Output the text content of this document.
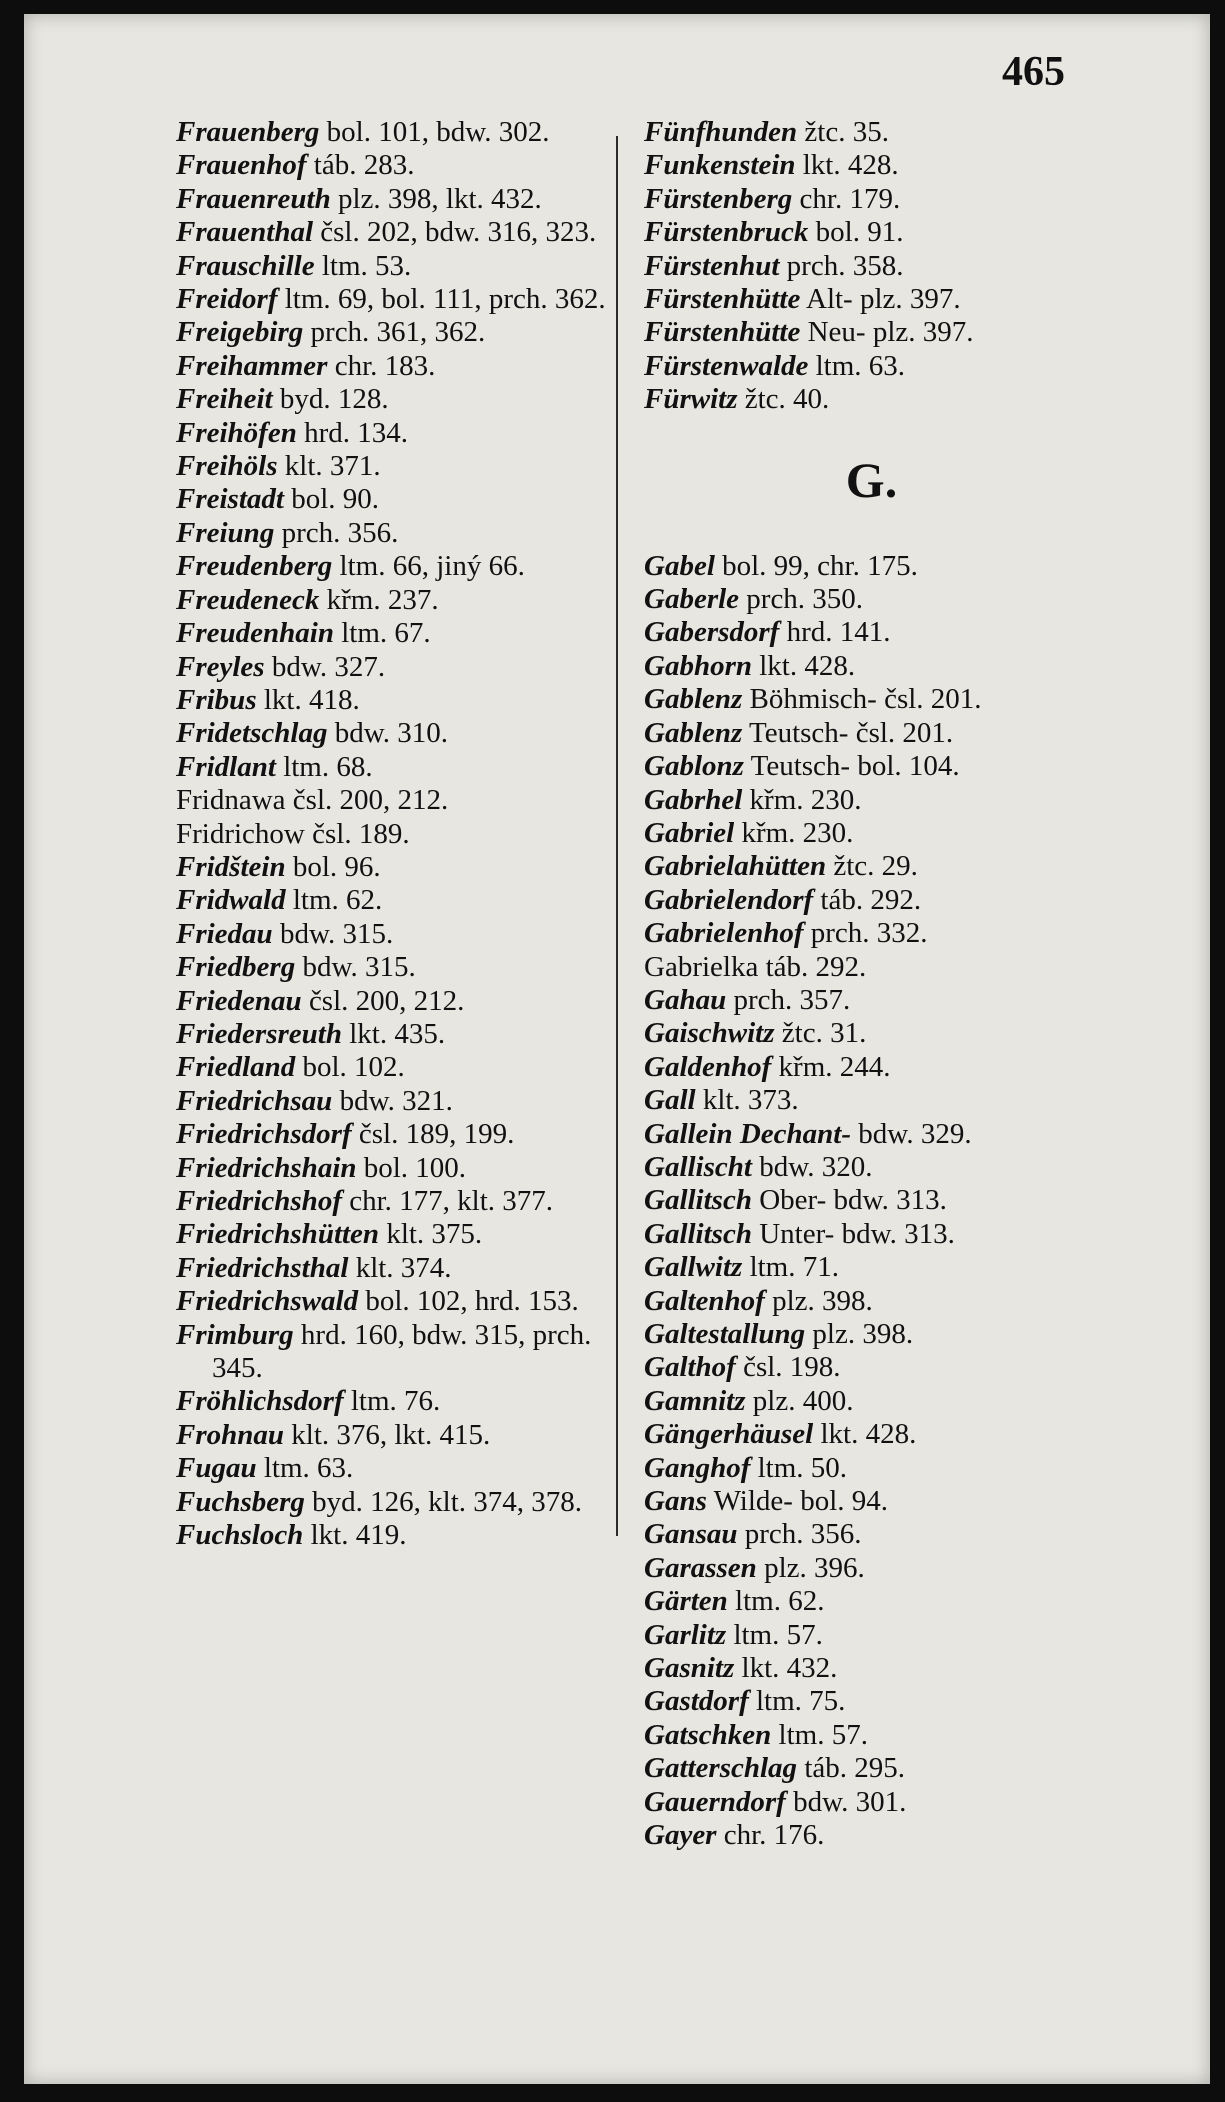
465
Frauenberg bol. 101, bdw. 302.
Frauenhof táb. 283.
Frauenreuth plz. 398, lkt. 432.
Frauenthal čsl. 202, bdw. 316, 323.
Frauschille ltm. 53.
Freidorf ltm. 69, bol. 111, prch. 362.
Freigebirg prch. 361, 362.
Freihammer chr. 183.
Freiheit byd. 128.
Freihöfen hrd. 134.
Freihöls klt. 371.
Freistadt bol. 90.
Freiung prch. 356.
Freudenberg ltm. 66, jiný 66.
Freudeneck křm. 237.
Freudenhain ltm. 67.
Freyles bdw. 327.
Fribus lkt. 418.
Fridetschlag bdw. 310.
Fridlant ltm. 68.
Fridnawa čsl. 200, 212.
Fridrichow čsl. 189.
Fridštein bol. 96.
Fridwald ltm. 62.
Friedau bdw. 315.
Friedberg bdw. 315.
Friedenau čsl. 200, 212.
Friedersreuth lkt. 435.
Friedland bol. 102.
Friedrichsau bdw. 321.
Friedrichsdorf čsl. 189, 199.
Friedrichshain bol. 100.
Friedrichshof chr. 177, klt. 377.
Friedrichshütten klt. 375.
Friedrichsthal klt. 374.
Friedrichswald bol. 102, hrd. 153.
Frimburg hrd. 160, bdw. 315, prch. 345.
Fröhlichsdorf ltm. 76.
Frohnau klt. 376, lkt. 415.
Fugau ltm. 63.
Fuchsberg byd. 126, klt. 374, 378.
Fuchsloch lkt. 419.
Fünfhunden žtc. 35.
Funkenstein lkt. 428.
Fürstenberg chr. 179.
Fürstenbruck bol. 91.
Fürstenhut prch. 358.
Fürstenhütte Alt- plz. 397.
Fürstenhütte Neu- plz. 397.
Fürstenwalde ltm. 63.
Fürwitz žtc. 40.
G.
Gabel bol. 99, chr. 175.
Gaberle prch. 350.
Gabersdorf hrd. 141.
Gabhorn lkt. 428.
Gablenz Böhmisch- čsl. 201.
Gablenz Teutsch- čsl. 201.
Gablonz Teutsch- bol. 104.
Gabrhel křm. 230.
Gabriel křm. 230.
Gabrielahütten žtc. 29.
Gabrielendorf táb. 292.
Gabrielenhof prch. 332.
Gabrielka táb. 292.
Gahau prch. 357.
Gaischwitz žtc. 31.
Galdenhof křm. 244.
Gall klt. 373.
Gallein Dechant- bdw. 329.
Gallischt bdw. 320.
Gallitsch Ober- bdw. 313.
Gallitsch Unter- bdw. 313.
Gallwitz ltm. 71.
Galtenhof plz. 398.
Galtestallung plz. 398.
Galthof čsl. 198.
Gamnitz plz. 400.
Gängerhäusel lkt. 428.
Ganghof ltm. 50.
Gans Wilde- bol. 94.
Gansau prch. 356.
Garassen plz. 396.
Gärten ltm. 62.
Garlitz ltm. 57.
Gasnitz lkt. 432.
Gastdorf ltm. 75.
Gatschken ltm. 57.
Gatterschlag táb. 295.
Gauerndorf bdw. 301.
Gayer chr. 176.
